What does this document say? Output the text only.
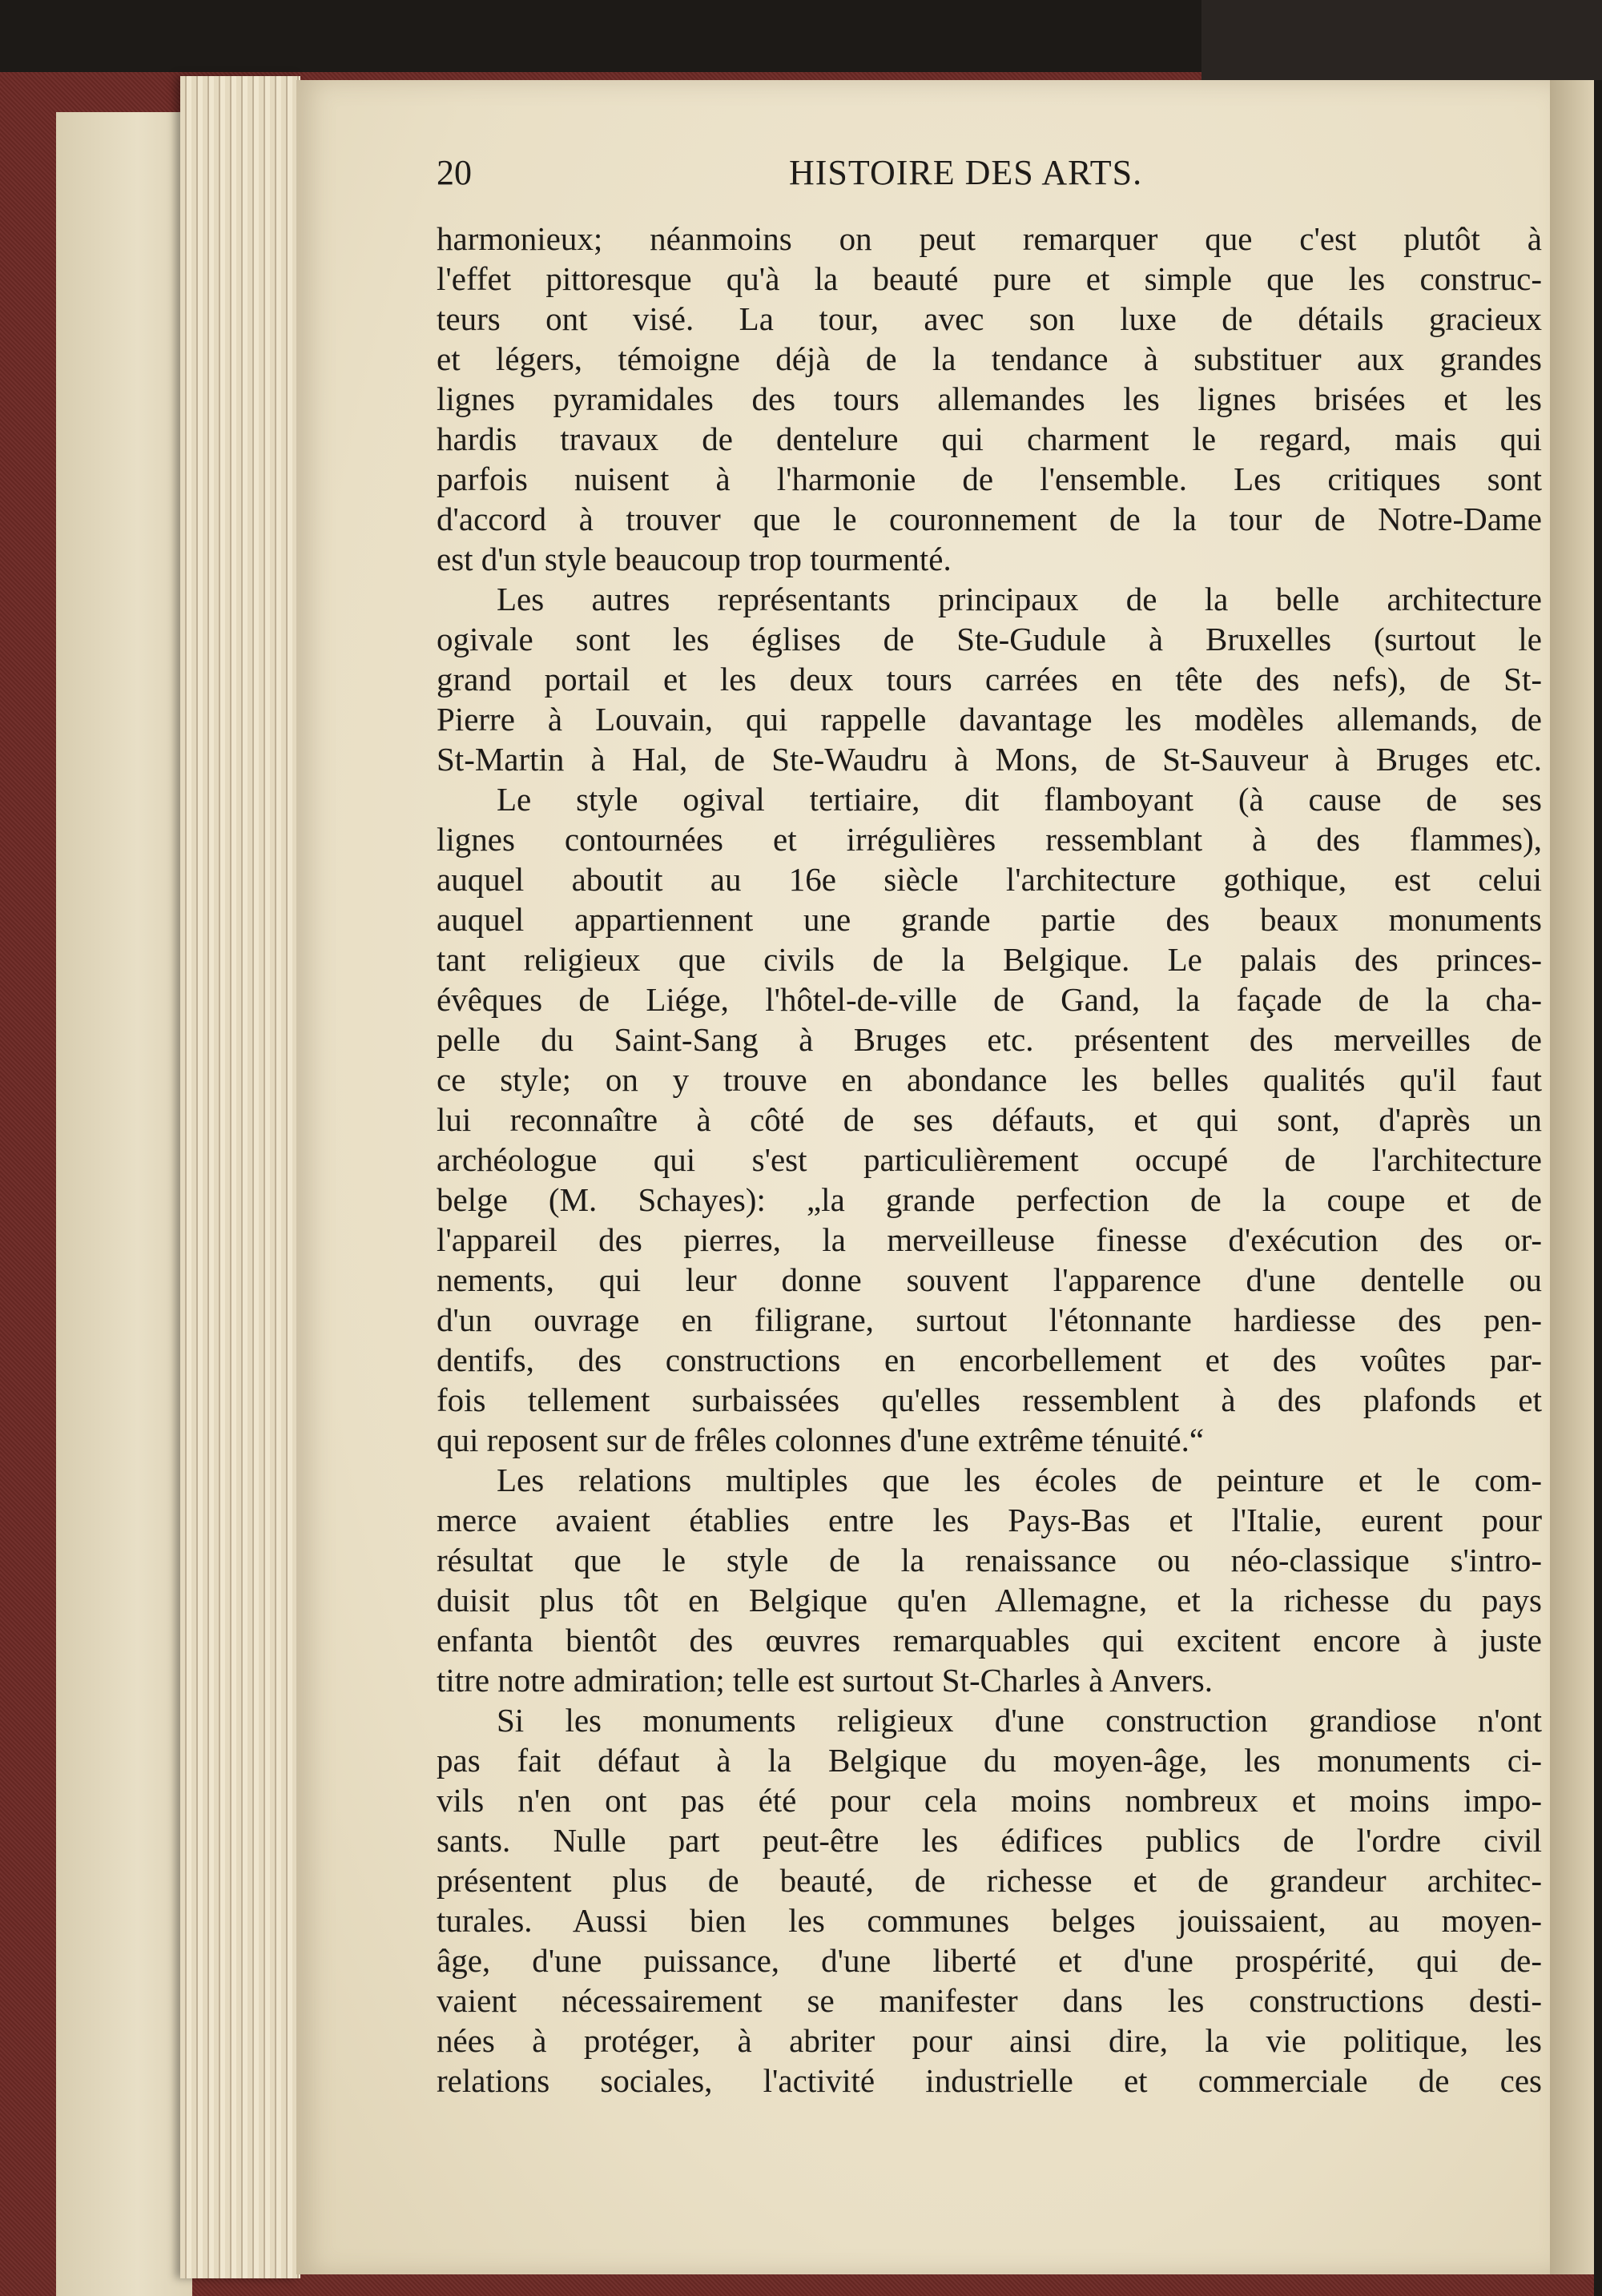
20	HISTOIRE DES ARTS.
harmonieux; néanmoins on peut remarquer que c'est plutôt à
l'effet pittoresque qu'à la beauté pure et simple que les construc-
teurs ont visé. La tour, avec son luxe de détails gracieux
et légers, témoigne déjà de la tendance à substituer aux grandes
lignes pyramidales des tours allemandes les lignes brisées et les
hardis travaux de dentelure qui charment le regard, mais qui
parfois nuisent à l'harmonie de l'ensemble. Les critiques sont
d'accord à trouver que le couronnement de la tour de Notre-Dame
est d'un style beaucoup trop tourmenté.
Les autres représentants principaux de la belle architecture
ogivale sont les églises de Ste-Gudule à Bruxelles (surtout le
grand portail et les deux tours carrées en tête des nefs), de St-
Pierre à Louvain, qui rappelle davantage les modèles allemands, de
St-Martin à Hal, de Ste-Waudru à Mons, de St-Sauveur à Bruges etc.
Le style ogival tertiaire, dit flamboyant (à cause de ses
lignes contournées et irrégulières ressemblant à des flammes),
auquel aboutit au 16e siècle l'architecture gothique, est celui
auquel appartiennent une grande partie des beaux monuments
tant religieux que civils de la Belgique. Le palais des princes-
évêques de Liége, l'hôtel-de-ville de Gand, la façade de la cha-
pelle du Saint-Sang à Bruges etc. présentent des merveilles de
ce style; on y trouve en abondance les belles qualités qu'il faut
lui reconnaître à côté de ses défauts, et qui sont, d'après un
archéologue qui s'est particulièrement occupé de l'architecture
belge (M. Schayes): „la grande perfection de la coupe et de
l'appareil des pierres, la merveilleuse finesse d'exécution des or-
nements, qui leur donne souvent l'apparence d'une dentelle ou
d'un ouvrage en filigrane, surtout l'étonnante hardiesse des pen-
dentifs, des constructions en encorbellement et des voûtes par-
fois tellement surbaissées qu'elles ressemblent à des plafonds et
qui reposent sur de frêles colonnes d'une extrême ténuité.“
Les relations multiples que les écoles de peinture et le com-
merce avaient établies entre les Pays-Bas et l'Italie, eurent pour
résultat que le style de la renaissance ou néo-classique s'intro-
duisit plus tôt en Belgique qu'en Allemagne, et la richesse du pays
enfanta bientôt des œuvres remarquables qui excitent encore à juste
titre notre admiration; telle est surtout St-Charles à Anvers.
Si les monuments religieux d'une construction grandiose n'ont
pas fait défaut à la Belgique du moyen-âge, les monuments ci-
vils n'en ont pas été pour cela moins nombreux et moins impo-
sants. Nulle part peut-être les édifices publics de l'ordre civil
présentent plus de beauté, de richesse et de grandeur architec-
turales. Aussi bien les communes belges jouissaient, au moyen-
âge, d'une puissance, d'une liberté et d'une prospérité, qui de-
vaient nécessairement se manifester dans les constructions desti-
nées à protéger, à abriter pour ainsi dire, la vie politique, les
relations sociales, l'activité industrielle et commerciale de ces
